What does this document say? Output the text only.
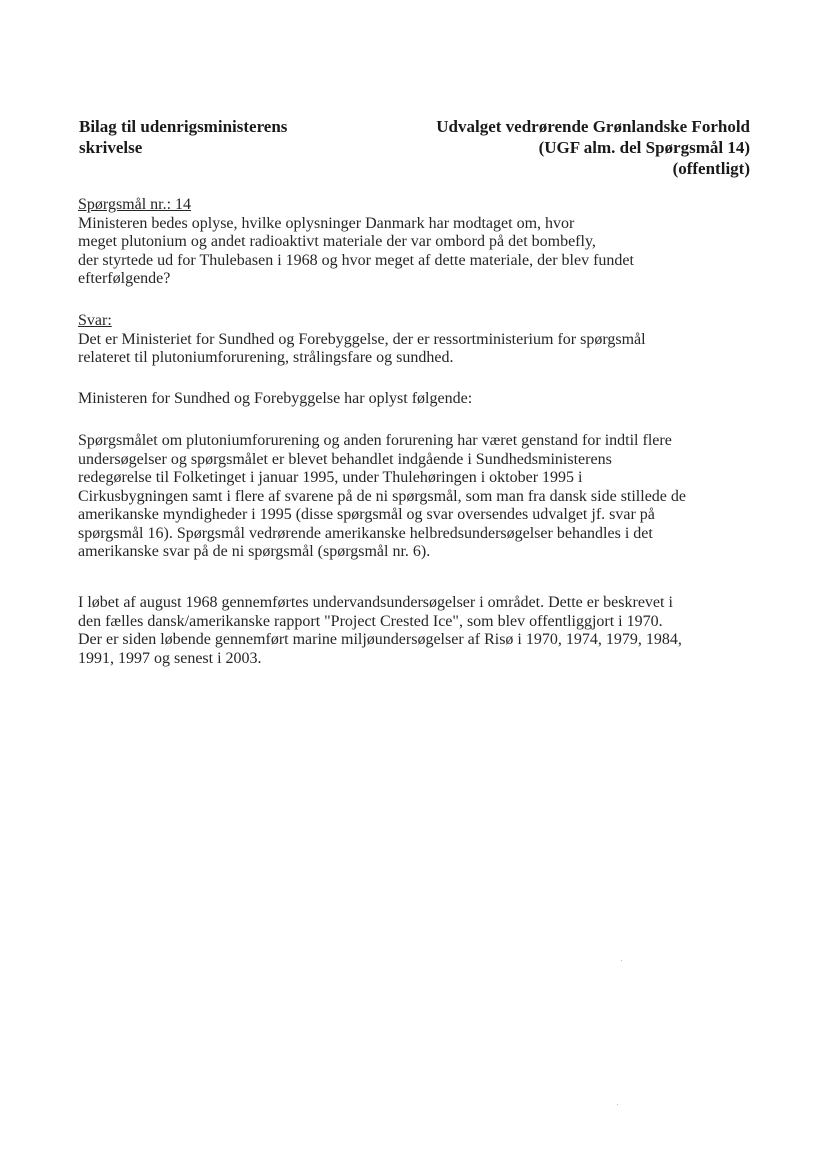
Bilag til udenrigsministerens
skrivelse
Udvalget vedrørende Grønlandske Forhold
(UGF alm. del Spørgsmål 14)
(offentligt)
Spørgsmål nr.: 14
Ministeren bedes oplyse, hvilke oplysninger Danmark har modtaget om, hvor
meget plutonium og andet radioaktivt materiale der var ombord på det bombefly,
der styrtede ud for Thulebasen i 1968 og hvor meget af dette materiale, der blev fundet
efterfølgende?
Svar:
Det er Ministeriet for Sundhed og Forebyggelse, der er ressortministerium for spørgsmål
relateret til plutoniumforurening, strålingsfare og sundhed.
Ministeren for Sundhed og Forebyggelse har oplyst følgende:
Spørgsmålet om plutoniumforurening og anden forurening har været genstand for indtil flere
undersøgelser og spørgsmålet er blevet behandlet indgående i Sundhedsministerens
redegørelse til Folketinget i januar 1995, under Thulehøringen i oktober 1995 i
Cirkusbygningen samt i flere af svarene på de ni spørgsmål, som man fra dansk side stillede de
amerikanske myndigheder i 1995 (disse spørgsmål og svar oversendes udvalget jf. svar på
spørgsmål 16). Spørgsmål vedrørende amerikanske helbredsundersøgelser behandles i det
amerikanske svar på de ni spørgsmål (spørgsmål nr. 6).
I løbet af august 1968 gennemførtes undervandsundersøgelser i området. Dette er beskrevet i
den fælles dansk/amerikanske rapport "Project Crested Ice", som blev offentliggjort i 1970.
Der er siden løbende gennemført marine miljøundersøgelser af Risø i 1970, 1974, 1979, 1984,
1991, 1997 og senest i 2003.
